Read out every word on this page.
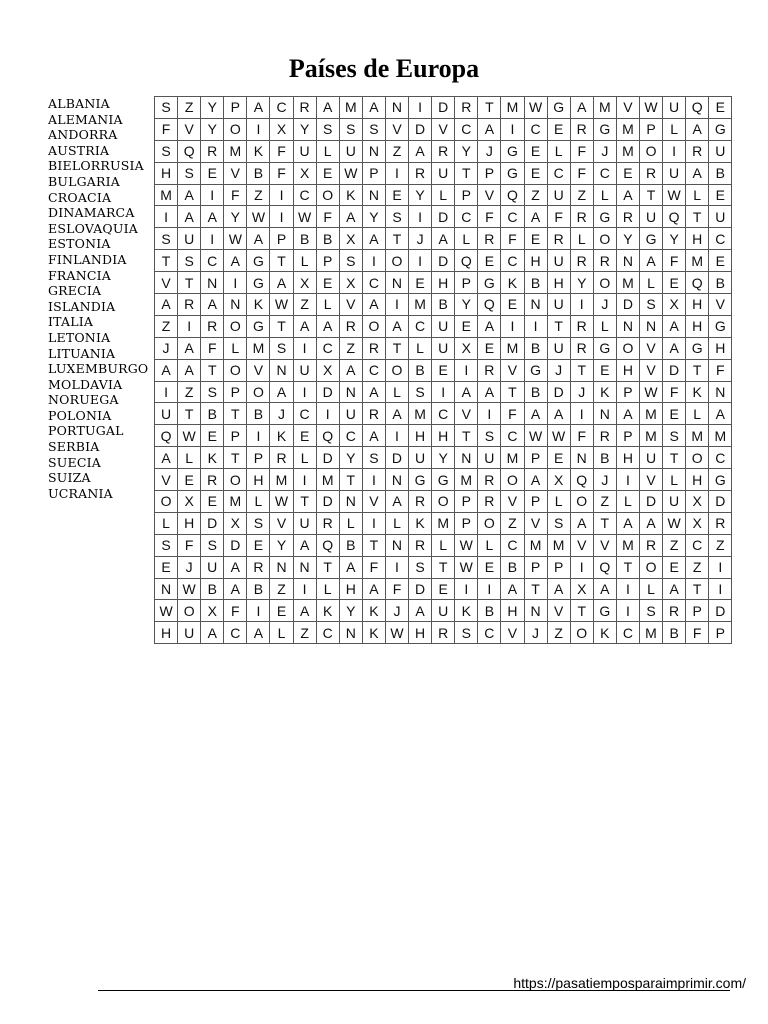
Países de Europa
ALBANIA
ALEMANIA
ANDORRA
AUSTRIA
BIELORRUSIA
BULGARIA
CROACIA
DINAMARCA
ESLOVAQUIA
ESTONIA
FINLANDIA
FRANCIA
GRECIA
ISLANDIA
ITALIA
LETONIA
LITUANIA
LUXEMBURGO
MOLDAVIA
NORUEGA
POLONIA
PORTUGAL
SERBIA
SUECIA
SUIZA
UCRANIA
S	Z	Y	P	A	C	R	A	M	A	N	I	D	R	T	M	W	G	A	M	V	W	U	Q	E
F	V	Y	O	I	X	Y	S	S	S	V	D	V	C	A	I	C	E	R	G	M	P	L	A	G
S	Q	R	M	K	F	U	L	U	N	Z	A	R	Y	J	G	E	L	F	J	M	O	I	R	U
H	S	E	V	B	F	X	E	W	P	I	R	U	T	P	G	E	C	F	C	E	R	U	A	B
M	A	I	F	Z	I	C	O	K	N	E	Y	L	P	V	Q	Z	U	Z	L	A	T	W	L	E
I	A	A	Y	W	I	W	F	A	Y	S	I	D	C	F	C	A	F	R	G	R	U	Q	T	U
S	U	I	W	A	P	B	B	X	A	T	J	A	L	R	F	E	R	L	O	Y	G	Y	H	C
T	S	C	A	G	T	L	P	S	I	O	I	D	Q	E	C	H	U	R	R	N	A	F	M	E
V	T	N	I	G	A	X	E	X	C	N	E	H	P	G	K	B	H	Y	O	M	L	E	Q	B
A	R	A	N	K	W	Z	L	V	A	I	M	B	Y	Q	E	N	U	I	J	D	S	X	H	V
Z	I	R	O	G	T	A	A	R	O	A	C	U	E	A	I	I	T	R	L	N	N	A	H	G
J	A	F	L	M	S	I	C	Z	R	T	L	U	X	E	M	B	U	R	G	O	V	A	G	H
A	A	T	O	V	N	U	X	A	C	O	B	E	I	R	V	G	J	T	E	H	V	D	T	F
I	Z	S	P	O	A	I	D	N	A	L	S	I	A	A	T	B	D	J	K	P	W	F	K	N
U	T	B	T	B	J	C	I	U	R	A	M	C	V	I	F	A	A	I	N	A	M	E	L	A
Q	W	E	P	I	K	E	Q	C	A	I	H	H	T	S	C	W	W	F	R	P	M	S	M	M
A	L	K	T	P	R	L	D	Y	S	D	U	Y	N	U	M	P	E	N	B	H	U	T	O	C
V	E	R	O	H	M	I	M	T	I	N	G	G	M	R	O	A	X	Q	J	I	V	L	H	G
O	X	E	M	L	W	T	D	N	V	A	R	O	P	R	V	P	L	O	Z	L	D	U	X	D
L	H	D	X	S	V	U	R	L	I	L	K	M	P	O	Z	V	S	A	T	A	A	W	X	R
S	F	S	D	E	Y	A	Q	B	T	N	R	L	W	L	C	M	M	V	V	M	R	Z	C	Z
E	J	U	A	R	N	N	T	A	F	I	S	T	W	E	B	P	P	I	Q	T	O	E	Z	I
N	W	B	A	B	Z	I	L	H	A	F	D	E	I	I	A	T	A	X	A	I	L	A	T	I
W	O	X	F	I	E	A	K	Y	K	J	A	U	K	B	H	N	V	T	G	I	S	R	P	D
H	U	A	C	A	L	Z	C	N	K	W	H	R	S	C	V	J	Z	O	K	C	M	B	F	P
https://pasatiemposparaimprimir.com/
